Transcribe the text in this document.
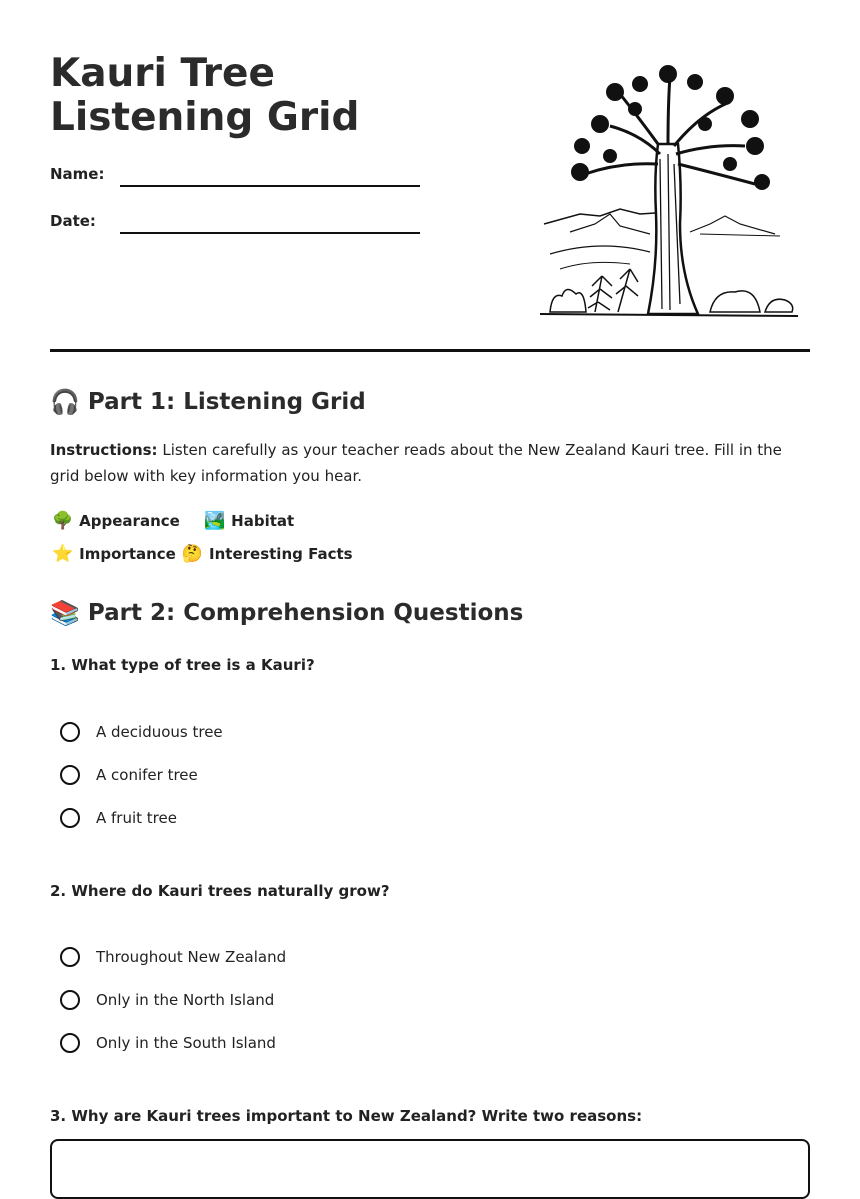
Kauri Tree Listening Grid
Name:
Date:
🎧 Part 1: Listening Grid

Instructions: Listen carefully as your teacher reads about the New Zealand Kauri tree. Fill in the grid below with key information you hear.

🌳 Appearance 🏞️ Habitat
⭐ Importance 🤔 Interesting Facts
📚 Part 2: Comprehension Questions

1. What type of tree is a Kauri?

A deciduous tree
A conifer tree
A fruit tree

2. Where do Kauri trees naturally grow?

Throughout New Zealand
Only in the North Island
Only in the South Island

3. Why are Kauri trees important to New Zealand? Write two reasons:
